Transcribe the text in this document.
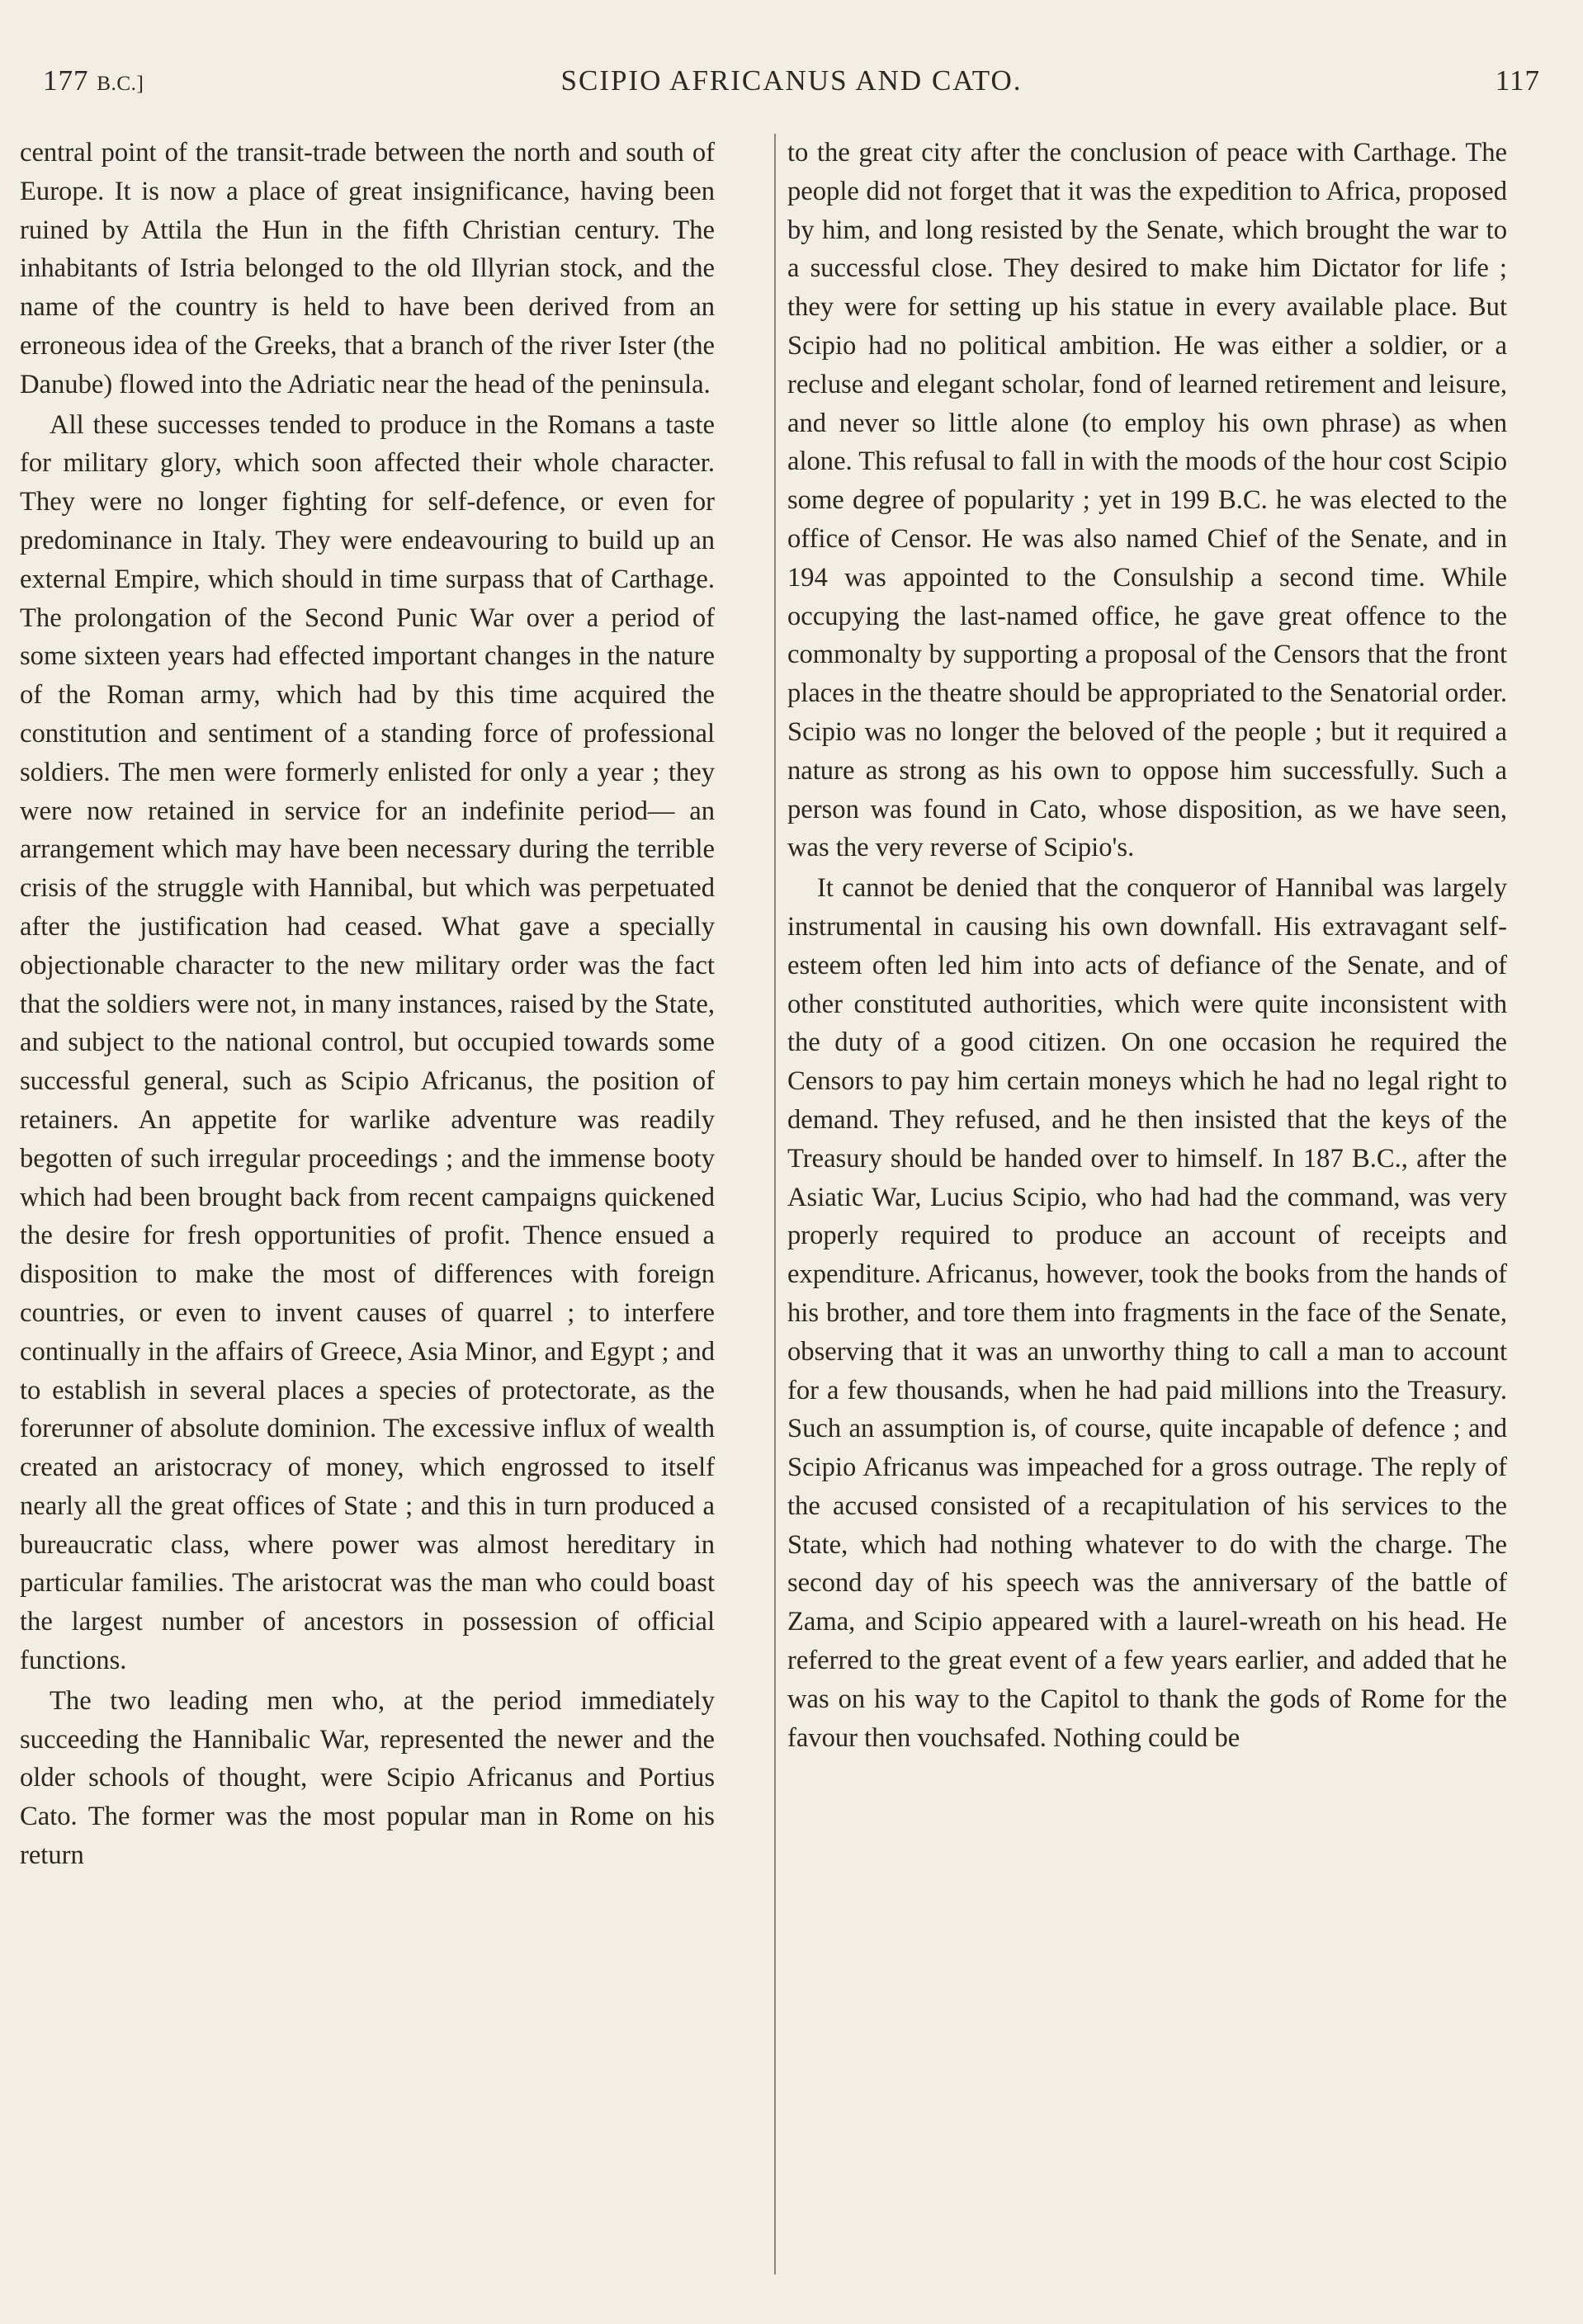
177 B.C.]	SCIPIO AFRICANUS AND CATO.	117

central point of the transit-trade between the north and south of Europe. It is now a place of great insignificance, having been ruined by Attila the Hun in the fifth Christian century. The inhabitants of Istria belonged to the old Illyrian stock, and the name of the country is held to have been derived from an erroneous idea of the Greeks, that a branch of the river Ister (the Danube) flowed into the Adriatic near the head of the peninsula.

All these successes tended to produce in the Romans a taste for military glory, which soon affected their whole character. They were no longer fighting for self-defence, or even for predominance in Italy. They were endeavouring to build up an external Empire, which should in time surpass that of Carthage. The prolongation of the Second Punic War over a period of some sixteen years had effected important changes in the nature of the Roman army, which had by this time acquired the constitution and sentiment of a standing force of professional soldiers. The men were formerly enlisted for only a year ; they were now retained in service for an indefinite period— an arrangement which may have been necessary during the terrible crisis of the struggle with Hannibal, but which was perpetuated after the justification had ceased. What gave a specially objectionable character to the new military order was the fact that the soldiers were not, in many instances, raised by the State, and subject to the national control, but occupied towards some successful general, such as Scipio Africanus, the position of retainers. An appetite for warlike adventure was readily begotten of such irregular proceedings ; and the immense booty which had been brought back from recent campaigns quickened the desire for fresh opportunities of profit. Thence ensued a disposition to make the most of differences with foreign countries, or even to invent causes of quarrel ; to interfere continually in the affairs of Greece, Asia Minor, and Egypt ; and to establish in several places a species of protectorate, as the forerunner of absolute dominion. The excessive influx of wealth created an aristocracy of money, which engrossed to itself nearly all the great offices of State ; and this in turn produced a bureaucratic class, where power was almost hereditary in particular families. The aristocrat was the man who could boast the largest number of ancestors in possession of official functions.

The two leading men who, at the period immediately succeeding the Hannibalic War, represented the newer and the older schools of thought, were Scipio Africanus and Portius Cato. The former was the most popular man in Rome on his return

to the great city after the conclusion of peace with Carthage. The people did not forget that it was the expedition to Africa, proposed by him, and long resisted by the Senate, which brought the war to a successful close. They desired to make him Dictator for life ; they were for setting up his statue in every available place. But Scipio had no political ambition. He was either a soldier, or a recluse and elegant scholar, fond of learned retirement and leisure, and never so little alone (to employ his own phrase) as when alone. This refusal to fall in with the moods of the hour cost Scipio some degree of popularity ; yet in 199 B.C. he was elected to the office of Censor. He was also named Chief of the Senate, and in 194 was appointed to the Consulship a second time. While occupying the last-named office, he gave great offence to the commonalty by supporting a proposal of the Censors that the front places in the theatre should be appropriated to the Senatorial order. Scipio was no longer the beloved of the people ; but it required a nature as strong as his own to oppose him successfully. Such a person was found in Cato, whose disposition, as we have seen, was the very reverse of Scipio's.

It cannot be denied that the conqueror of Hannibal was largely instrumental in causing his own downfall. His extravagant self-esteem often led him into acts of defiance of the Senate, and of other constituted authorities, which were quite inconsistent with the duty of a good citizen. On one occasion he required the Censors to pay him certain moneys which he had no legal right to demand. They refused, and he then insisted that the keys of the Treasury should be handed over to himself. In 187 B.C., after the Asiatic War, Lucius Scipio, who had had the command, was very properly required to produce an account of receipts and expenditure. Africanus, however, took the books from the hands of his brother, and tore them into fragments in the face of the Senate, observing that it was an unworthy thing to call a man to account for a few thousands, when he had paid millions into the Treasury. Such an assumption is, of course, quite incapable of defence ; and Scipio Africanus was impeached for a gross outrage. The reply of the accused consisted of a recapitulation of his services to the State, which had nothing whatever to do with the charge. The second day of his speech was the anniversary of the battle of Zama, and Scipio appeared with a laurel-wreath on his head. He referred to the great event of a few years earlier, and added that he was on his way to the Capitol to thank the gods of Rome for the favour then vouchsafed. Nothing could be
